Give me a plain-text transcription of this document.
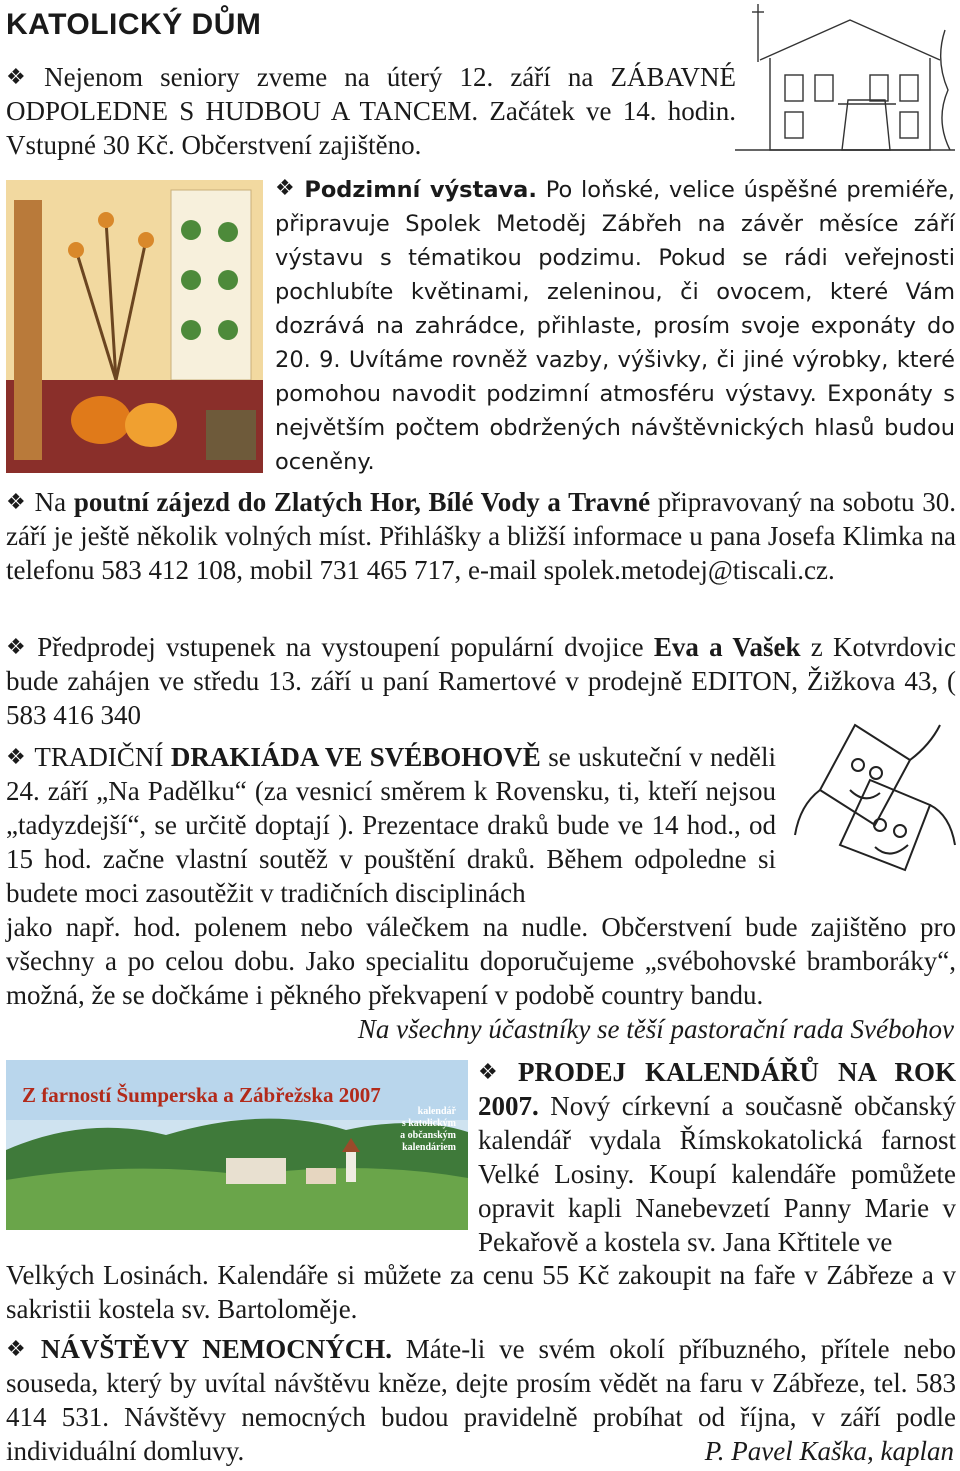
KATOLICKÝ DŮM
❖ Nejenom seniory zveme na úterý 12. září na ZÁBAVNÉ ODPOLEDNE S HUDBOU A TANCEM. Začátek ve 14. hodin. Vstupné 30 Kč. Občerstvení zajištěno.
❖ Podzimní výstava. Po loňské, velice úspěšné premiéře, připravuje Spolek Metoděj Zábřeh na závěr měsíce září výstavu s tématikou podzimu. Pokud se rádi veřejnosti pochlubíte květinami, zeleninou, či ovocem, které Vám dozrává na zahrádce, přihlaste, prosím svoje exponáty do 20. 9. Uvítáme rovněž vazby, výšivky, či jiné výrobky, které pomohou navodit podzimní atmosféru výstavy. Exponáty s největším počtem obdržených návštěvnických hlasů budou oceněny.
❖ Na poutní zájezd do Zlatých Hor, Bílé Vody a Travné připravovaný na sobotu 30. září je ještě několik volných míst. Přihlášky a bližší informace u pana Josefa Klimka na telefonu 583 412 108, mobil 731 465 717, e-mail spolek.metodej@tiscali.cz.
❖ Předprodej vstupenek na vystoupení populární dvojice Eva a Vašek z Kotvrdovic bude zahájen ve středu 13. září u paní Ramertové v prodejně EDITON, Žižkova 43, ( 583 416 340
❖ TRADIČNÍ DRAKIÁDA VE SVÉBOHOVĚ se uskuteční v neděli 24. září „Na Padělku“ (za vesnicí směrem k Rovensku, ti, kteří nejsou „tadyzdejší“, se určitě doptají ). Prezentace draků bude ve 14 hod., od 15 hod. začne vlastní soutěž v pouštění draků. Během odpoledne si budete moci zasoutěžit v tradičních disciplinách
jako např. hod. polenem nebo válečkem na nudle. Občerstvení bude zajištěno pro všechny a po celou dobu. Jako specialitu doporučujeme „svébohovské bramboráky“, možná, že se dočkáme i pěkného překvapení v podobě country bandu.
Na všechny účastníky se těší pastorační rada Svébohov
Z farností Šumperska a Zábřežska 2007
kalendář
s katolickým
a občanským
kalendáriem
❖ PRODEJ KALENDÁŘŮ NA ROK 2007. Nový církevní a současně občanský kalendář vydala Římskokatolická farnost Velké Losiny. Koupí kalendáře pomůžete opravit kapli Nanebevzetí Panny Marie v Pekařově a kostela sv. Jana Křtitele ve
Velkých Losinách. Kalendáře si můžete za cenu 55 Kč zakoupit na faře v Zábřeze a v sakristii kostela sv. Bartoloměje.
❖ NÁVŠTĚVY NEMOCNÝCH. Máte-li ve svém okolí příbuzného, přítele nebo souseda, který by uvítal návštěvu kněze, dejte prosím vědět na faru v Zábřeze, tel. 583 414 531. Návštěvy nemocných budou pravidelně probíhat od října, v září podle individuální domluvy.	P. Pavel Kaška, kaplan
